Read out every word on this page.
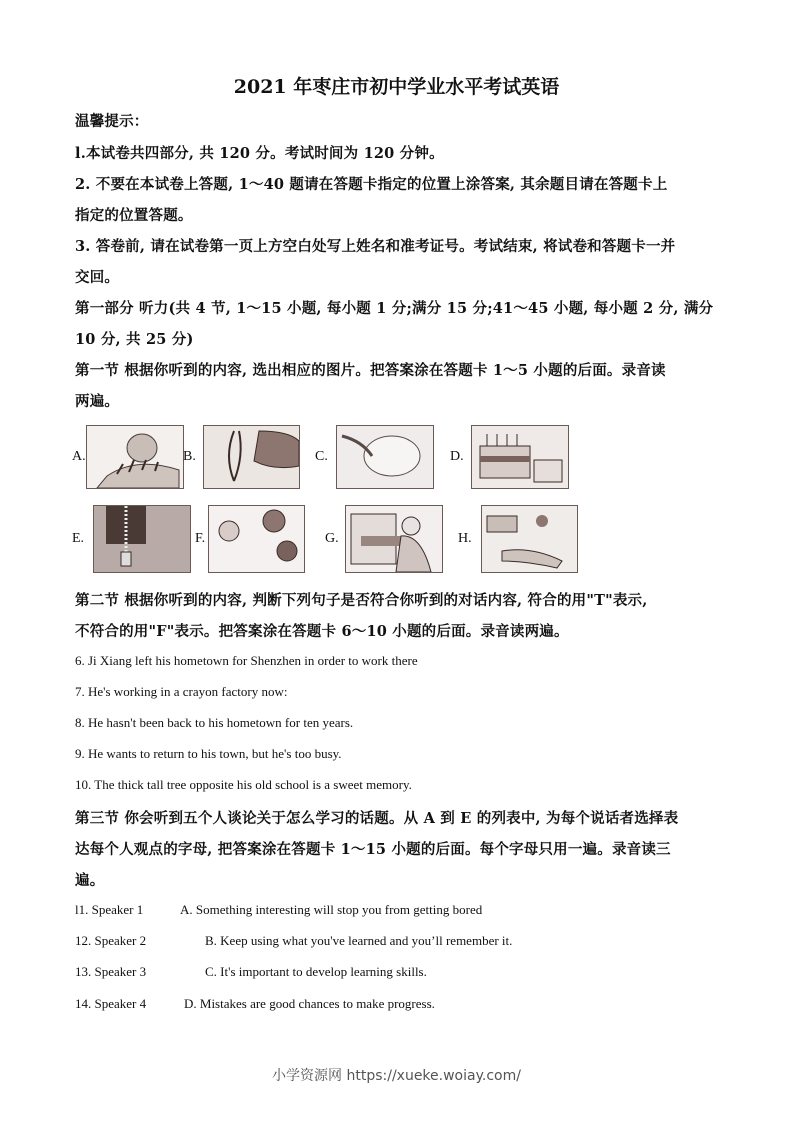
2021 年枣庄市初中学业水平考试英语
温馨提示：
l.本试卷共四部分, 共 120 分。考试时间为 120 分钟。
2. 不要在本试卷上答题, 1～40 题请在答题卡指定的位置上涂答案, 其余题目请在答题卡上
指定的位置答题。
3. 答卷前, 请在试卷第一页上方空白处写上姓名和准考证号。考试结束, 将试卷和答题卡一并
交回。
第一部分 听力(共 4 节, 1～15 小题, 每小题 1 分;满分 15 分;41～45 小题, 每小题 2 分, 满分
10 分, 共 25 分)
第一节 根据你听到的内容, 选出相应的图片。把答案涂在答题卡 1～5 小题的后面。录音读
两遍。
A.	B.	C.	D.
E.	F.	G.	H.
第二节 根据你听到的内容, 判断下列句子是否符合你听到的对话内容, 符合的用"T"表示,
不符合的用"F"表示。把答案涂在答题卡 6～10 小题的后面。录音读两遍。
6. Ji Xiang left his hometown for Shenzhen in order to work there
7. He's working in a crayon factory now:
8. He hasn't been back to his hometown for ten years.
9. He wants to return to his town, but he's too busy.
10. The thick tall tree opposite his old school is a sweet memory.
第三节 你会听到五个人谈论关于怎么学习的话题。从 A 到 E 的列表中, 为每个说话者选择表
达每个人观点的字母, 把答案涂在答题卡 1～15 小题的后面。每个字母只用一遍。录音读三
遍。
l1. Speaker 1	A. Something interesting will stop you from getting bored
12. Speaker 2	B. Keep using what you've learned and you’ll remember it.
13. Speaker 3	C. It's important to develop learning skills.
14. Speaker 4	D. Mistakes are good chances to make progress.
小学资源网 https://xueke.woiay.com/
